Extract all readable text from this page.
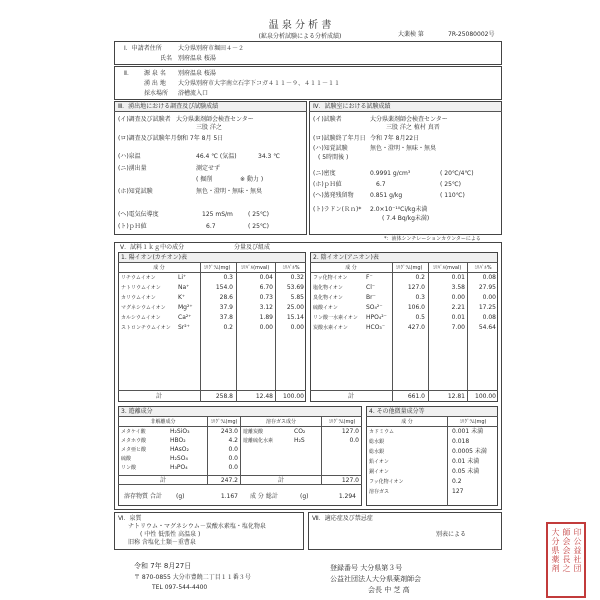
温 泉 分 析 書
(鉱泉分析試験による分析成績)	大薬検 第	7R-25080002号
Ⅰ．申請者住所	大分県別府市堀田４－２
氏名 別府温泉 桜湯
Ⅱ． 源 泉 名 別府温泉 桜湯
湧 出 地 大分県別府市大字南立石字下コガ４１１－９、４１１－１１
採水場所 浴槽流入口
Ⅲ．湧出地における調査及び試験成績
(イ)調査及び試験者 大分県薬剤師会検査センター
三股 洋之
(ロ)調査及び試験年月日
令和 7年 8月 5日
(ハ)泉温	46.4 ℃ (気温)	34.3 ℃
(ニ)湧出量	測定せず
( 掘削	※ 動力 )
(ホ)知覚試験	無色・澄明・無味・無臭
(ヘ)電気伝導度	125 mS/m	( 25℃)
(ト)ｐＨ値	6.7	( 25℃)
Ⅳ．試験室における試験成績
(イ)試験者	大分県薬剤師会検査センター
三股 洋之 植村 真晋
(ロ)試験終了年月日 令和 7年 8月22日
(ハ)知覚試験	無色・澄明・無味・無臭
( 5時間後 )
(ニ)密度	0.9991 g/cm³	( 20℃/4℃)
(ホ)ｐＨ値	6.7	( 25℃)
(ヘ)蒸発残留物	0.851 g/kg	( 110℃)
(ト)ラドン(Ｒｎ)* 2.0×10⁻¹⁰Ci/kg未満
( 7.4 Bq/kg未満)
*：液体シンチレーションカウンターによる
Ⅴ．試料１ｋｇ中の成分	分量及び組成
1. 陽イオン(カチオン)表
成 分	ﾐﾘｸﾞﾗﾑ(mg)	ﾐﾘﾊﾞﾙ(mval)	ﾐﾘﾊﾞﾙ%
リチウムイオン	Li⁺	0.3	0.04	0.32
ナトリウムイオン	Na⁺	154.0	6.70	53.69
カリウムイオン	K⁺	28.6	0.73	5.85
マグネシウムイオン Mg²⁺	37.9	3.12	25.00
カルシウムイオン	Ca²⁺	37.8	1.89	15.14
ストロンチウムイオン Sr²⁺	0.2	0.00	0.00
計	258.8	12.48	100.00
2. 陰イオン(アニオン)表
成 分	ﾐﾘｸﾞﾗﾑ(mg)	ﾐﾘﾊﾞﾙ(mval)	ﾐﾘﾊﾞﾙ%
フッ化物イオン	F⁻	0.2	0.01	0.08
塩化物イオン	Cl⁻	127.0	3.58	27.95
臭化物イオン	Br⁻	0.3	0.00	0.00
硫酸イオン	SO₄²⁻	106.0	2.21	17.25
リン酸一水素イオン HPO₄²⁻	0.5	0.01	0.08
炭酸水素イオン	HCO₃⁻	427.0	7.00	54.64
計	661.0	12.81	100.00
3. 遊離成分
非解離成分	ﾐﾘｸﾞﾗﾑ(mg)	溶存ガス成分	ﾐﾘｸﾞﾗﾑ(mg)
メタケイ酸	H₂SiO₃	243.0 遊離炭酸	CO₂	127.0
メタホウ酸	HBO₂	4.2 遊離硫化水素	H₂S	0.0
メタ亜ヒ酸	HAsO₂	0.0
硫酸	H₂SO₄	0.0
リン酸	H₃PO₄	0.0
計	247.2	計	127.0
溶存物質 合計 (g)	1.167 成 分 総計	(g)	1.294
4. その他微量成分等
成 分	ﾐﾘｸﾞﾗﾑ(mg)
カドミウム	0.001 未満
総水銀	0.018
総水銀	0.0005 未満
鉛イオン	0.01 未満
銅イオン	0.05 未満
フッ化物イオン	0.2
溶存ガス	127
Ⅵ．泉質
ナトリウム・マグネシウム－炭酸水素塩・塩化物泉
( 中性 低張性 高温泉 )
旧称 含塩化土類－重曹泉
Ⅶ．適応症及び禁忌症
別表による
令和 7年 8月27日
〒 870-0855 大分市豊饒二丁目１１番３号
TEL 097-544-4400
登録番号 大分県第３号
公益社団法人大分県薬剤師会
会長 中 芝 高
大
分
県
薬
剤
師
会
会
長
之
印
公
益
社
団
